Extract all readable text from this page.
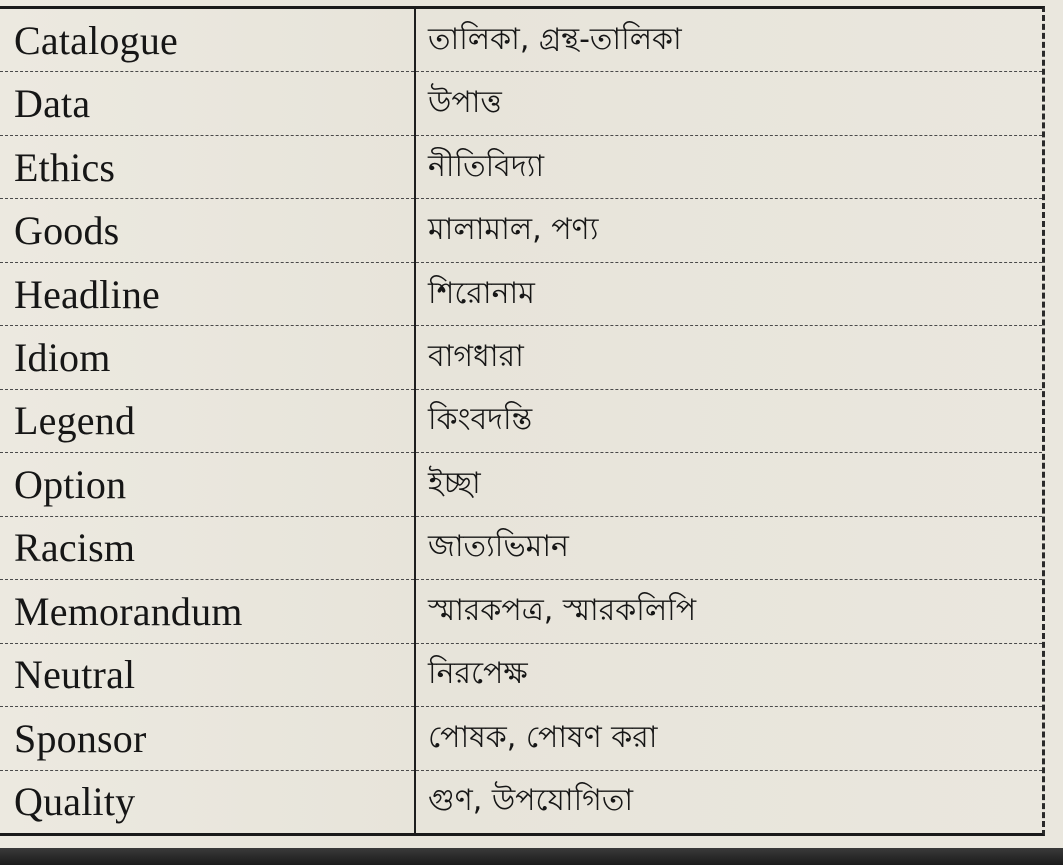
Catalogue	তালিকা, গ্রন্থ-তালিকা
Data	উপাত্ত
Ethics	নীতিবিদ্যা
Goods	মালামাল, পণ্য
Headline	শিরোনাম
Idiom	বাগধারা
Legend	কিংবদন্তি
Option	ইচ্ছা
Racism	জাত্যভিমান
Memorandum	স্মারকপত্র, স্মারকলিপি
Neutral	নিরপেক্ষ
Sponsor	পোষক, পোষণ করা
Quality	গুণ, উপযোগিতা
